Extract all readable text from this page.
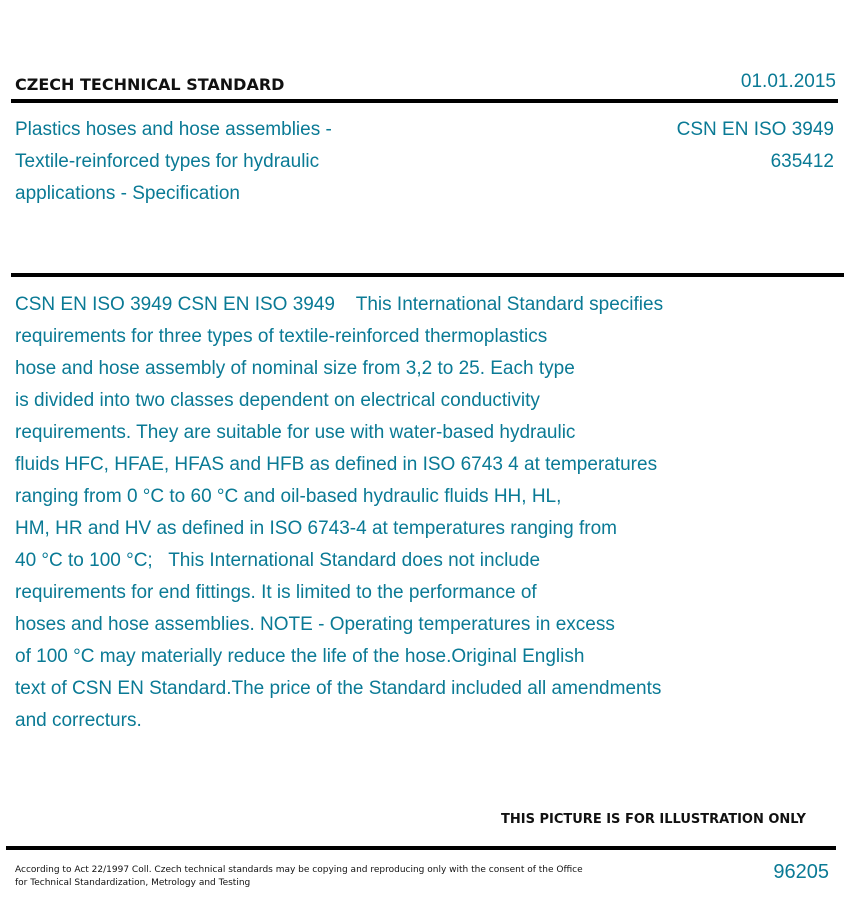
CZECH TECHNICAL STANDARD	01.01.2015
Plastics hoses and hose assemblies -
Textile-reinforced types for hydraulic
applications - Specification
CSN EN ISO 3949
635412
CSN EN ISO 3949 CSN EN ISO 3949    This International Standard specifies
requirements for three types of textile-reinforced thermoplastics
hose and hose assembly of nominal size from 3,2 to 25. Each type
is divided into two classes dependent on electrical conductivity
requirements. They are suitable for use with water-based hydraulic
fluids HFC, HFAE, HFAS and HFB as defined in ISO 6743 4 at temperatures
ranging from 0 °C to 60 °C and oil-based hydraulic fluids HH, HL,
HM, HR and HV as defined in ISO 6743-4 at temperatures ranging from
40 °C to 100 °C;   This International Standard does not include
requirements for end fittings. It is limited to the performance of
hoses and hose assemblies. NOTE - Operating temperatures in excess
of 100 °C may materially reduce the life of the hose.Original English
text of CSN EN Standard.The price of the Standard included all amendments
and correcturs.
THIS PICTURE IS FOR ILLUSTRATION ONLY
According to Act 22/1997 Coll. Czech technical standards may be copying and reproducing only with the consent of the Office
for Technical Standardization, Metrology and Testing	96205
